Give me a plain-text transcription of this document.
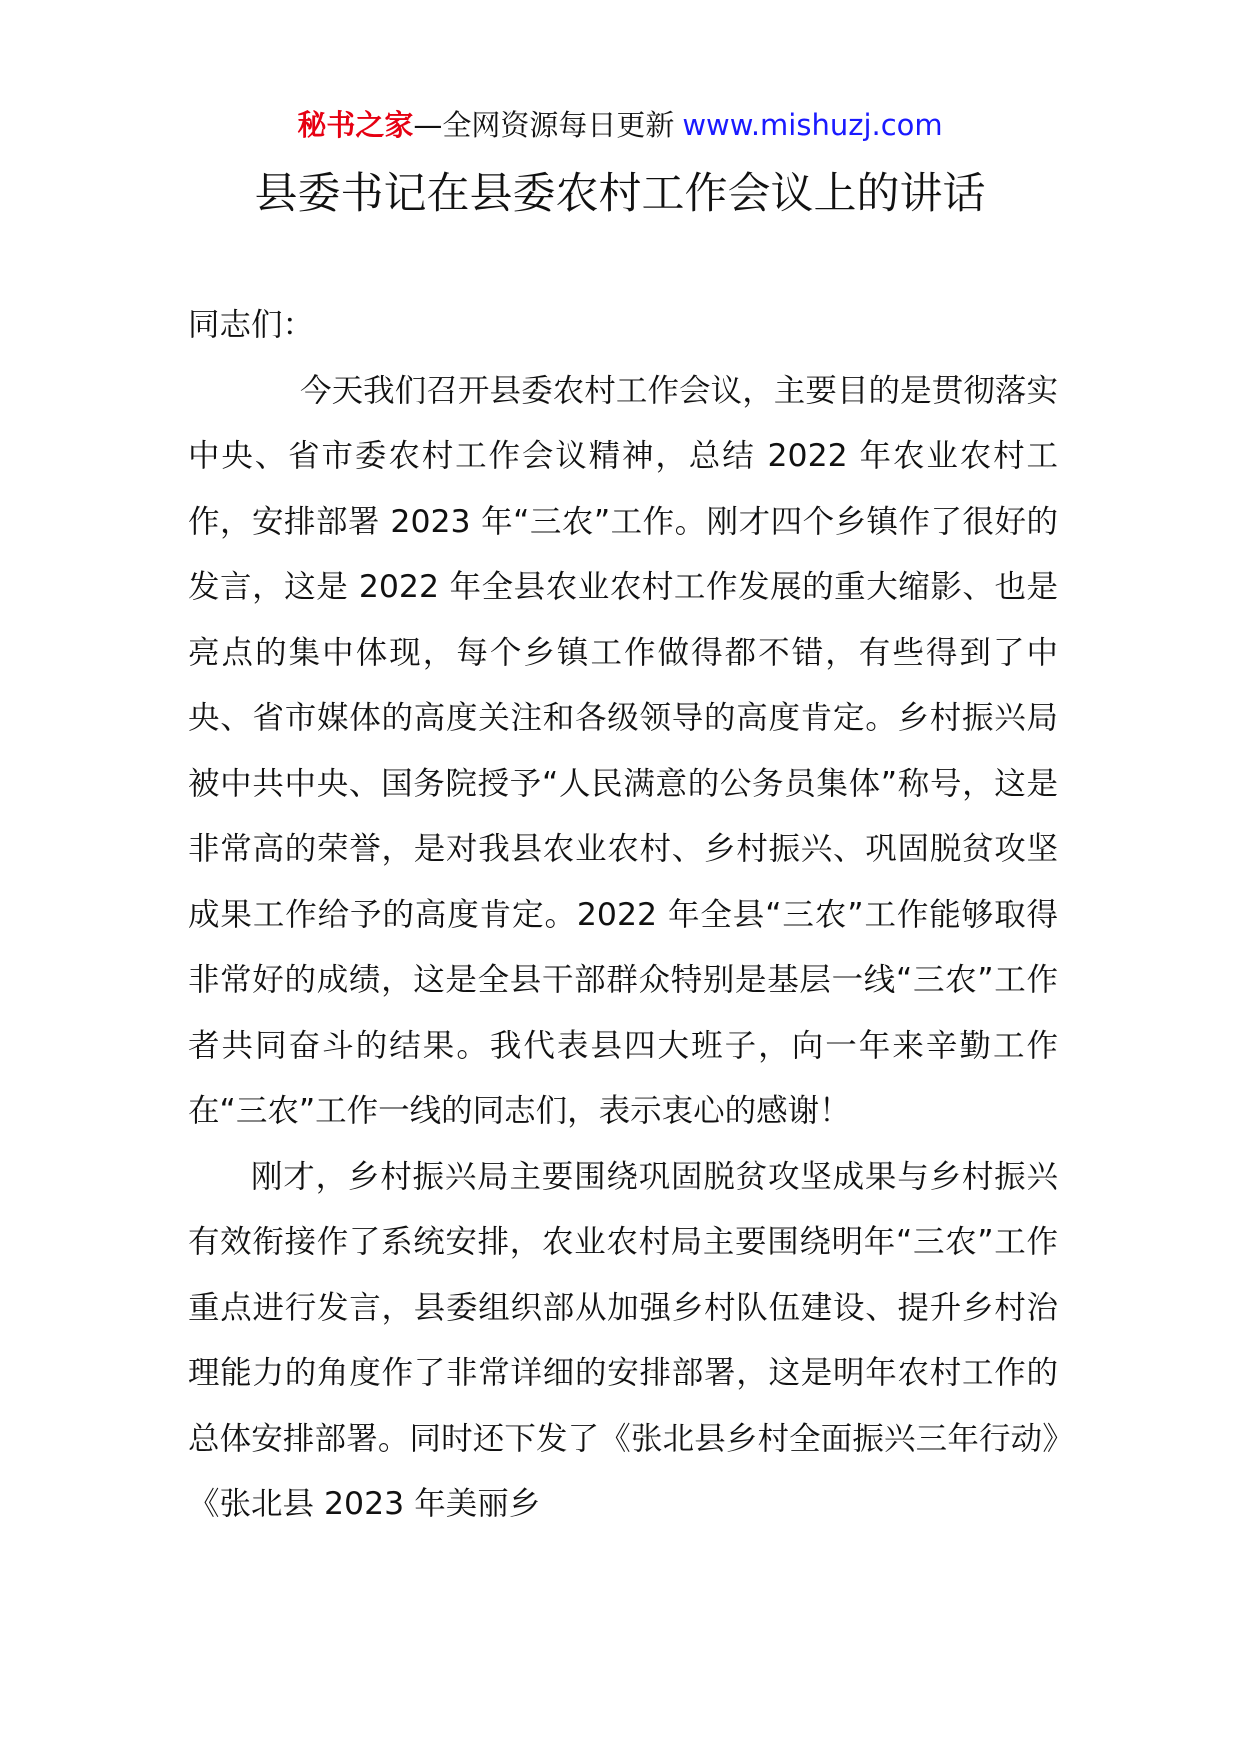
秘书之家—全网资源每日更新 www.mishuzj.com
县委书记在县委农村工作会议上的讲话

同志们：

今天我们召开县委农村工作会议，主要目的是贯彻落实中央、省市委农村工作会议精神，总结 2022 年农业农村工作，安排部署 2023 年“三农”工作。刚才四个乡镇作了很好的发言，这是 2022 年全县农业农村工作发展的重大缩影、也是亮点的集中体现，每个乡镇工作做得都不错，有些得到了中央、省市媒体的高度关注和各级领导的高度肯定。乡村振兴局被中共中央、国务院授予“人民满意的公务员集体”称号，这是非常高的荣誉，是对我县农业农村、乡村振兴、巩固脱贫攻坚成果工作给予的高度肯定。2022 年全县“三农”工作能够取得非常好的成绩，这是全县干部群众特别是基层一线“三农”工作者共同奋斗的结果。我代表县四大班子，向一年来辛勤工作在“三农”工作一线的同志们，表示衷心的感谢！

刚才，乡村振兴局主要围绕巩固脱贫攻坚成果与乡村振兴有效衔接作了系统安排，农业农村局主要围绕明年“三农”工作重点进行发言，县委组织部从加强乡村队伍建设、提升乡村治理能力的角度作了非常详细的安排部署，这是明年农村工作的总体安排部署。同时还下发了《张北县乡村全面振兴三年行动》《张北县 2023 年美丽乡
